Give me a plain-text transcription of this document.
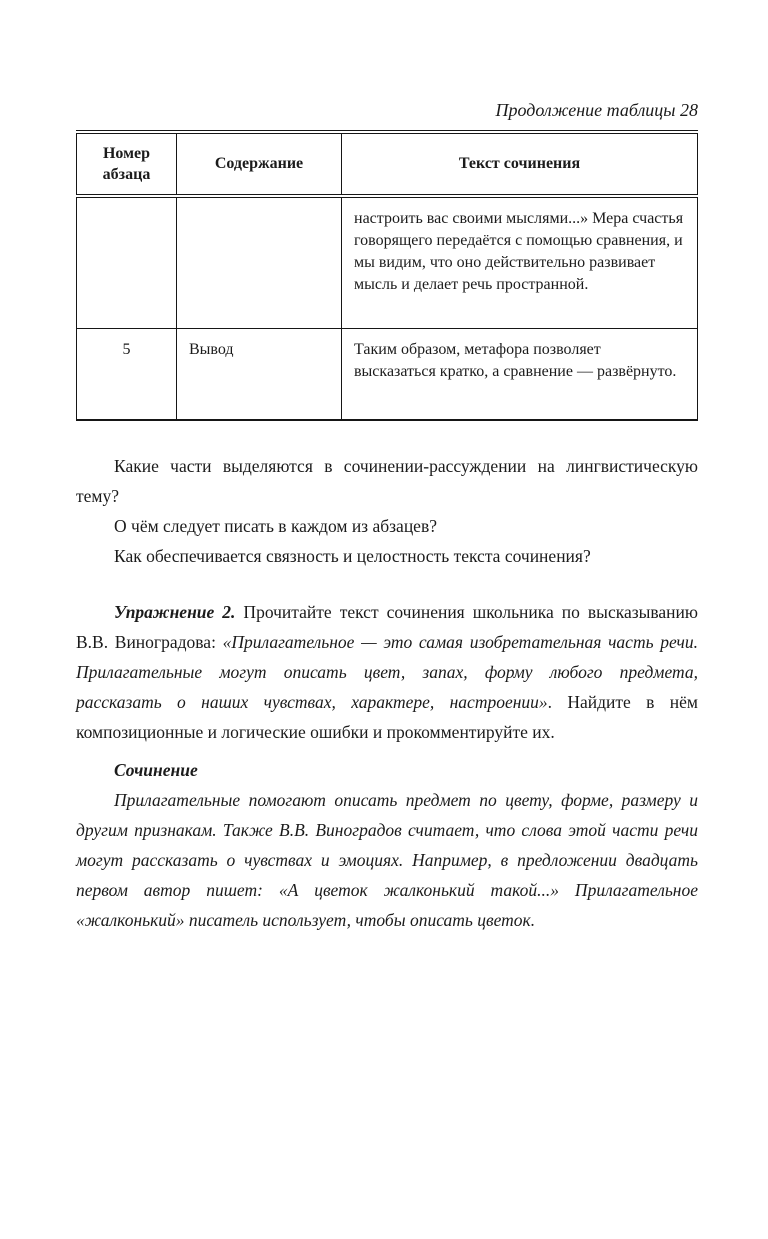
Продолжение таблицы 28

Номер абзаца	Содержание	Текст сочинения
		настроить вас своими мыслями...» Мера счастья говорящего передаётся с помощью сравнения, и мы видим, что оно действительно развивает мысль и делает речь пространной.
5	Вывод	Таким образом, метафора позволяет высказаться кратко, а сравнение — развёрнуто.

Какие части выделяются в сочинении-рассуждении на лингвистическую тему?

О чём следует писать в каждом из абзацев?

Как обеспечивается связность и целостность текста сочинения?

Упражнение 2. Прочитайте текст сочинения школьника по высказыванию В.В. Виноградова: «Прилагательное — это самая изобретательная часть речи. Прилагательные могут описать цвет, запах, форму любого предмета, рассказать о наших чувствах, характере, настроении». Найдите в нём композиционные и логические ошибки и прокомментируйте их.

Сочинение

Прилагательные помогают описать предмет по цвету, форме, размеру и другим признакам. Также В.В. Виноградов считает, что слова этой части речи могут рассказать о чувствах и эмоциях. Например, в предложении двадцать первом автор пишет: «А цветок жалконький такой...» Прилагательное «жалконький» писатель использует, чтобы описать цветок.
